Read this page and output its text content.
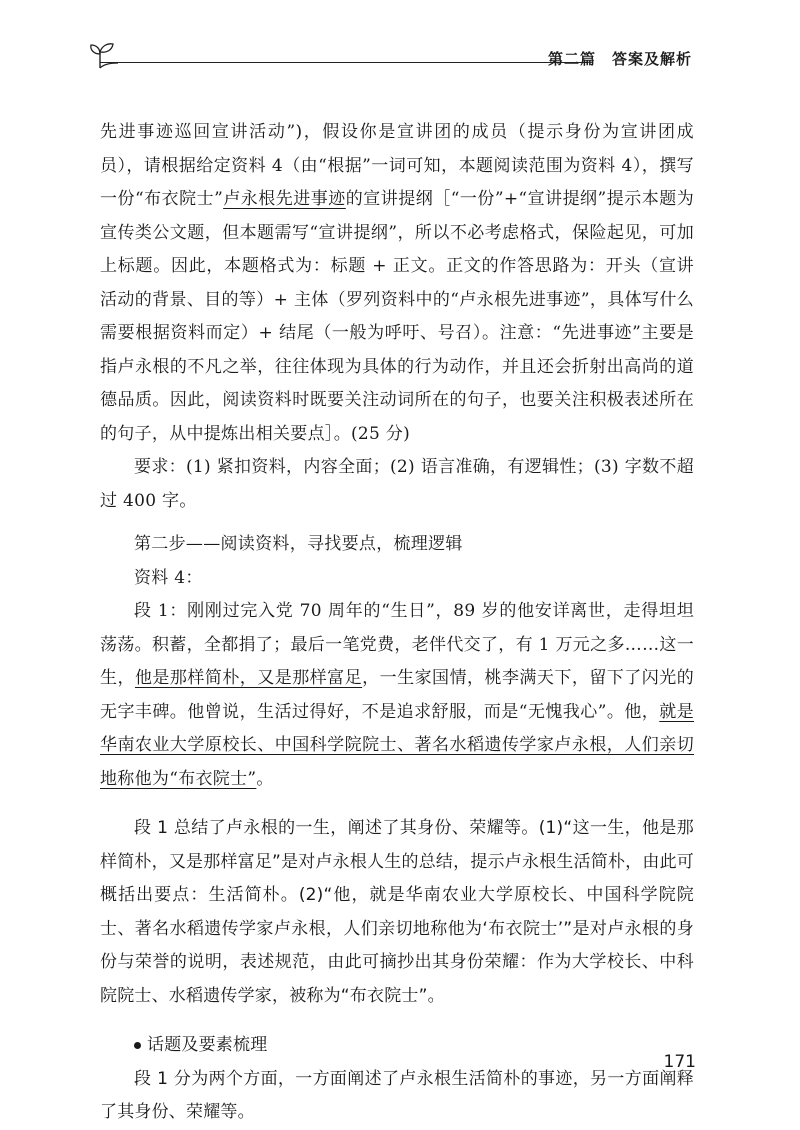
第二篇　答案及解析

先进事迹巡回宣讲活动”)，假设你是宣讲团的成员（提示身份为宣讲团成员），请根据给定资料 4（由“根据”一词可知，本题阅读范围为资料 4），撰写一份“布衣院士”卢永根先进事迹的宣讲提纲［“一份”+“宣讲提纲”提示本题为宣传类公文题，但本题需写“宣讲提纲”，所以不必考虑格式，保险起见，可加上标题。因此，本题格式为：标题 + 正文。正文的作答思路为：开头（宣讲活动的背景、目的等）+ 主体（罗列资料中的“卢永根先进事迹”，具体写什么需要根据资料而定）+ 结尾（一般为呼吁、号召）。注意：“先进事迹”主要是指卢永根的不凡之举，往往体现为具体的行为动作，并且还会折射出高尚的道德品质。因此，阅读资料时既要关注动词所在的句子，也要关注积极表述所在的句子，从中提炼出相关要点］。(25 分)

要求：(1) 紧扣资料，内容全面；(2) 语言准确，有逻辑性；(3) 字数不超过 400 字。

第二步——阅读资料，寻找要点，梳理逻辑

资料 4：

段 1：刚刚过完入党 70 周年的“生日”，89 岁的他安详离世，走得坦坦荡荡。积蓄，全都捐了；最后一笔党费，老伴代交了，有 1 万元之多……这一生，他是那样简朴，又是那样富足，一生家国情，桃李满天下，留下了闪光的无字丰碑。他曾说，生活过得好，不是追求舒服，而是“无愧我心”。他，就是华南农业大学原校长、中国科学院院士、著名水稻遗传学家卢永根，人们亲切地称他为“布衣院士”。

段 1 总结了卢永根的一生，阐述了其身份、荣耀等。(1)“这一生，他是那样简朴，又是那样富足”是对卢永根人生的总结，提示卢永根生活简朴，由此可概括出要点：生活简朴。(2)“他，就是华南农业大学原校长、中国科学院院士、著名水稻遗传学家卢永根，人们亲切地称他为‘布衣院士’”是对卢永根的身份与荣誉的说明，表述规范，由此可摘抄出其身份荣耀：作为大学校长、中科院院士、水稻遗传学家，被称为“布衣院士”。

话题及要素梳理

段 1 分为两个方面，一方面阐述了卢永根生活简朴的事迹，另一方面阐释了其身份、荣耀等。

171
